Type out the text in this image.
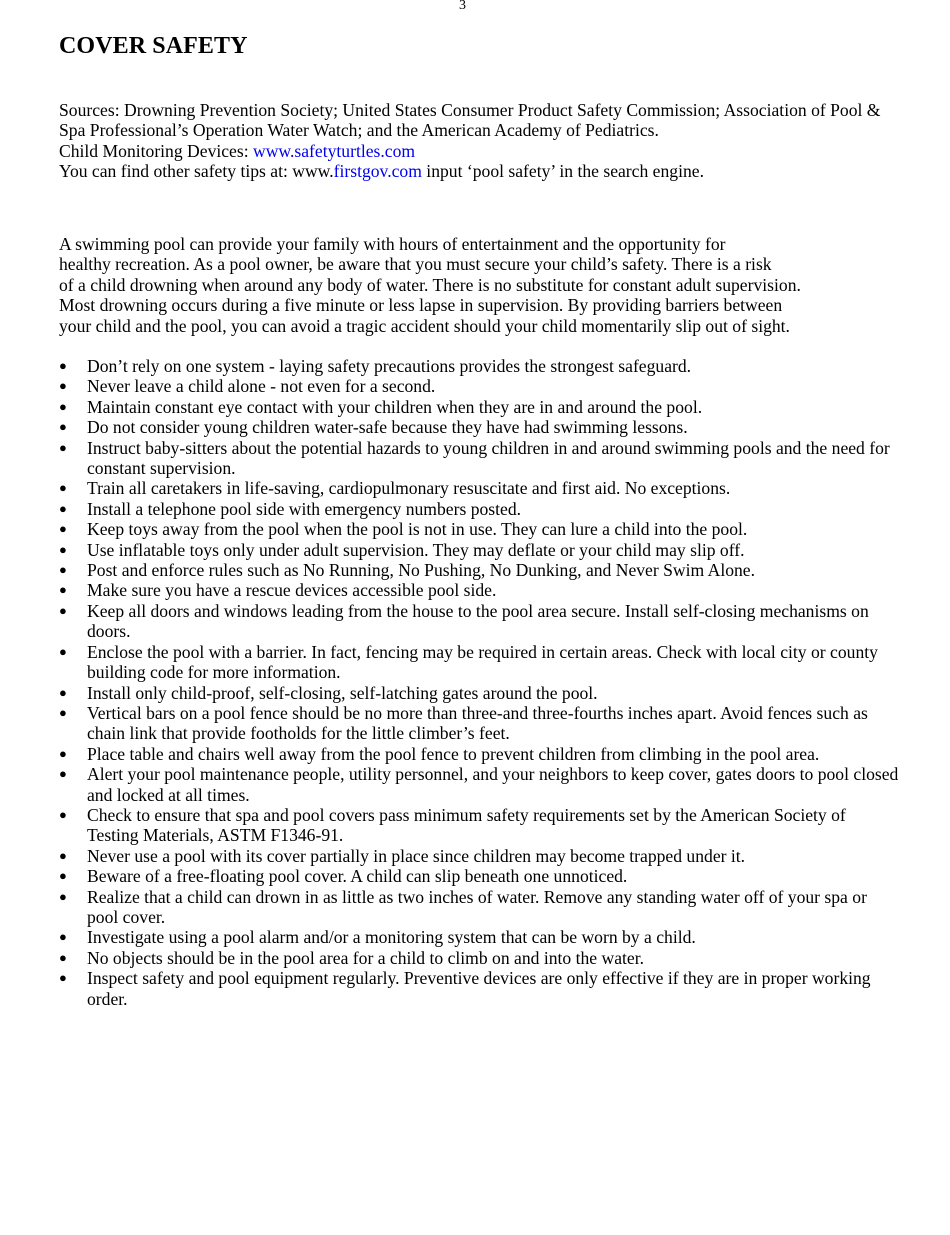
3
COVER SAFETY

Sources: Drowning Prevention Society; United States Consumer Product Safety Commission; Association of Pool & Spa Professional’s Operation Water Watch; and the American Academy of Pediatrics.

Child Monitoring Devices: www.safetyturtles.com

You can find other safety tips at: www.firstgov.com input ‘pool safety’ in the search engine.

A swimming pool can provide your family with hours of entertainment and the opportunity for
healthy recreation. As a pool owner, be aware that you must secure your child’s safety. There is a risk
of a child drowning when around any body of water. There is no substitute for constant adult supervision.
Most drowning occurs during a five minute or less lapse in supervision. By providing barriers between
your child and the pool, you can avoid a tragic accident should your child momentarily slip out of sight.
● Don’t rely on one system - laying safety precautions provides the strongest safeguard.
● Never leave a child alone - not even for a second.
● Maintain constant eye contact with your children when they are in and around the pool.
● Do not consider young children water-safe because they have had swimming lessons.
● Instruct baby-sitters about the potential hazards to young children in and around swimming pools and the need for constant supervision.
● Train all caretakers in life-saving, cardiopulmonary resuscitate and first aid. No exceptions.
● Install a telephone pool side with emergency numbers posted.
● Keep toys away from the pool when the pool is not in use. They can lure a child into the pool.
● Use inflatable toys only under adult supervision. They may deflate or your child may slip off.
● Post and enforce rules such as No Running, No Pushing, No Dunking, and Never Swim Alone.
● Make sure you have a rescue devices accessible pool side.
● Keep all doors and windows leading from the house to the pool area secure. Install self-closing mechanisms on doors.
● Enclose the pool with a barrier. In fact, fencing may be required in certain areas. Check with local city or county building code for more information.
● Install only child-proof, self-closing, self-latching gates around the pool.
● Vertical bars on a pool fence should be no more than three-and three-fourths inches apart. Avoid fences such as chain link that provide footholds for the little climber’s feet.
● Place table and chairs well away from the pool fence to prevent children from climbing in the pool area.
● Alert your pool maintenance people, utility personnel, and your neighbors to keep cover, gates doors to pool closed and locked at all times.
● Check to ensure that spa and pool covers pass minimum safety requirements set by the American Society of Testing Materials, ASTM F1346-91.
● Never use a pool with its cover partially in place since children may become trapped under it.
● Beware of a free-floating pool cover. A child can slip beneath one unnoticed.
● Realize that a child can drown in as little as two inches of water. Remove any standing water off of your spa or pool cover.
● Investigate using a pool alarm and/or a monitoring system that can be worn by a child.
● No objects should be in the pool area for a child to climb on and into the water.
● Inspect safety and pool equipment regularly. Preventive devices are only effective if they are in proper working order.
